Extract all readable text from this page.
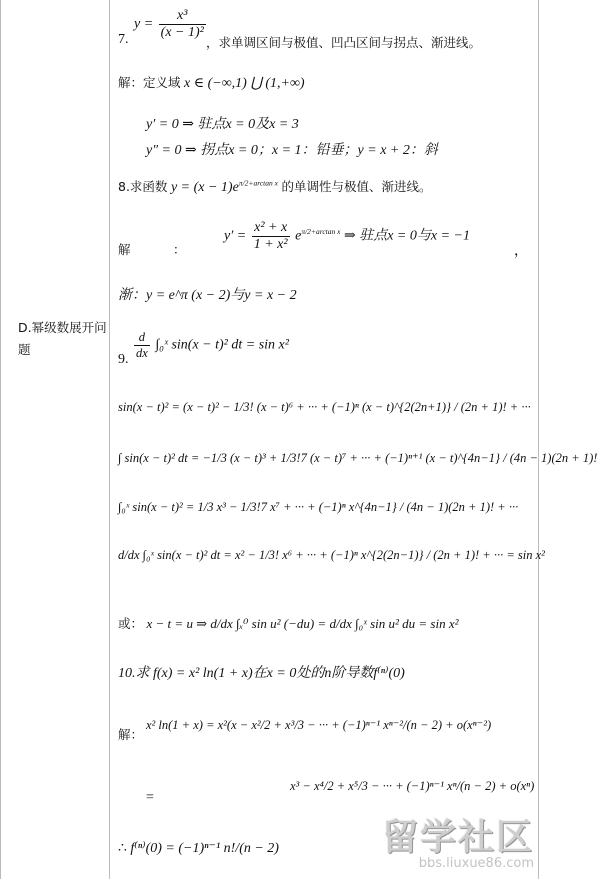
D.幂级数展开问
题
7.
$y = \frac{\text{x³}}{\text{(x − 1)²}}$
，求单调区间与极值、凹凸区间与拐点、渐进线。
解：定义域 x ∈ (−∞,1) ⋃ (1,+∞)
y′ = 0 ⇒ 驻点x = 0及x = 3
y″ = 0 ⇒ 拐点x = 0；x = 1：铅垂；y = x + 2：斜
8.求函数 $y = (x - 1)e^{\pi/2+arctan x}$ 的单调性与极值、渐进线。
解	：
$y' = \frac{\text{x² + x}}{\text{1 + x²}} e^{\pi/2+arctan x}$ ⇒ 驻点x = 0与x = −1
，
渐：y = e^π (x − 2)与y = x − 2
9. $\frac{d}{dx}$ ∫₀ˣ sin(x − t)² dt = sin x²
sin(x − t)² = (x − t)² − 1/3! (x − t)⁶ + ··· + (−1)ⁿ (x − t)^{2(2n+1)} / (2n + 1)! + ···
∫ sin(x − t)² dt = −1/3 (x − t)³ + 1/3!7 (x − t)⁷ + ··· + (−1)ⁿ⁺¹ (x − t)^{4n−1} / (4n − 1)(2n + 1)!
∫₀ˣ sin(x − t)² = 1/3 x³ − 1/3!7 x⁷ + ··· + (−1)ⁿ x^{4n−1} / (4n − 1)(2n + 1)! + ···
d/dx ∫₀ˣ sin(x − t)² dt = x² − 1/3! x⁶ + ··· + (−1)ⁿ x^{2(2n−1)} / (2n + 1)! + ··· = sin x²
或： x − t = u ⇒ d/dx ∫ₓ⁰ sin u² (−du) = d/dx ∫₀ˣ sin u² du = sin x²
10.求 f(x) = x² ln(1 + x)在x = 0处的n阶导数f⁽ⁿ⁾(0)
解：
x² ln(1 + x) = x²(x − x²/2 + x³/3 − ··· + (−1)ⁿ⁻¹ xⁿ⁻²/(n − 2) + o(xⁿ⁻²)
=
x³ − x⁴/2 + x⁵/3 − ··· + (−1)ⁿ⁻¹ xⁿ/(n − 2) + o(xⁿ)
∴ f⁽ⁿ⁾(0) = (−1)ⁿ⁻¹ n!/(n − 2)	留学社区
bbs.liuxue86.com
